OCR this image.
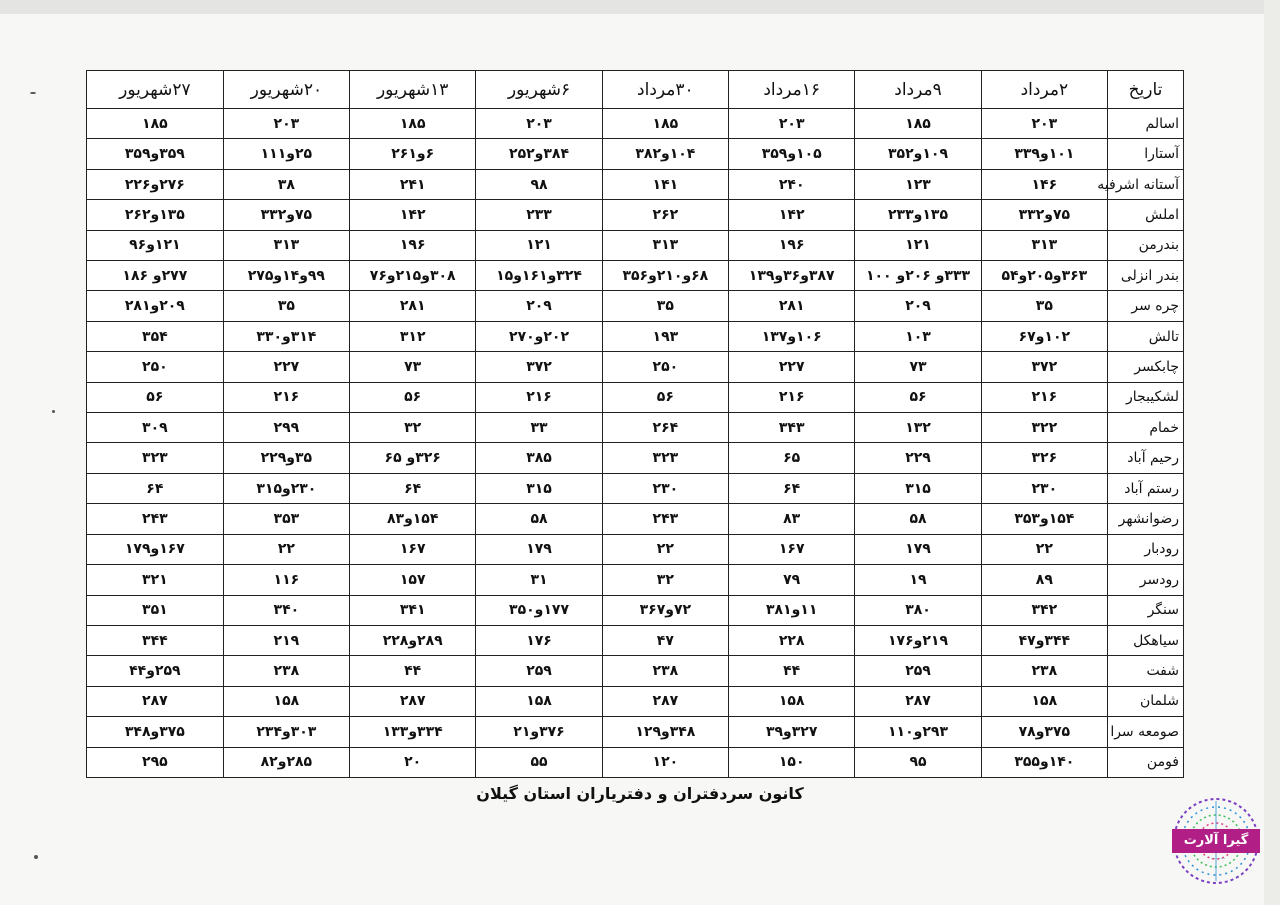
تاریخ	۲مرداد	۹مرداد	۱۶مرداد	۳۰مرداد	۶شهریور	۱۳شهریور	۲۰شهریور	۲۷شهریور
اسالم	۲۰۳	۱۸۵	۲۰۳	۱۸۵	۲۰۳	۱۸۵	۲۰۳	۱۸۵
آستارا	۱۰۱و۳۳۹	۱۰۹و۳۵۲	۱۰۵و۳۵۹	۱۰۴و۳۸۲	۳۸۴و۲۵۲	۶و۲۶۱	۲۵و۱۱۱	۳۵۹و۳۵۹
آستانه اشرفیه	۱۴۶	۱۲۳	۲۴۰	۱۴۱	۹۸	۲۴۱	۳۸	۲۷۶و۲۲۶
املش	۷۵و۳۳۲	۱۳۵و۲۳۳	۱۴۲	۲۶۲	۲۳۳	۱۴۲	۷۵و۳۳۲	۱۳۵و۲۶۲
بندرمن	۳۱۳	۱۲۱	۱۹۶	۳۱۳	۱۲۱	۱۹۶	۳۱۳	۱۲۱و۹۶
بندر انزلی	۳۶۳و۲۰۵و۵۴	۳۳۳و ۲۰۶و ۱۰۰	۳۸۷و۳۶و۱۳۹	۶۸و۲۱۰و۳۵۶	۳۲۴و۱۶۱و۱۵	۳۰۸و۲۱۵و۷۶	۹۹و۱۴و۲۷۵	۲۷۷و ۱۸۶
چره سر	۳۵	۲۰۹	۲۸۱	۳۵	۲۰۹	۲۸۱	۳۵	۲۰۹و۲۸۱
تالش	۱۰۲و۶۷	۱۰۳	۱۰۶و۱۳۷	۱۹۳	۲۰۲و۲۷۰	۳۱۲	۳۱۴و۳۳۰	۳۵۴
چابکسر	۳۷۲	۷۳	۲۲۷	۲۵۰	۳۷۲	۷۳	۲۲۷	۲۵۰
لشکیبجار	۲۱۶	۵۶	۲۱۶	۵۶	۲۱۶	۵۶	۲۱۶	۵۶
خمام	۳۲۲	۱۳۲	۳۴۳	۲۶۴	۳۳	۳۲	۲۹۹	۳۰۹
رحیم آباد	۳۲۶	۲۲۹	۶۵	۳۲۳	۳۸۵	۳۲۶و ۶۵	۳۵و۲۲۹	۳۲۳
رستم آباد	۲۳۰	۳۱۵	۶۴	۲۳۰	۳۱۵	۶۴	۲۳۰و۳۱۵	۶۴
رضوانشهر	۱۵۴و۳۵۳	۵۸	۸۳	۲۴۳	۵۸	۱۵۴و۸۳	۳۵۳	۲۴۳
رودبار	۲۲	۱۷۹	۱۶۷	۲۲	۱۷۹	۱۶۷	۲۲	۱۶۷و۱۷۹
رودسر	۸۹	۱۹	۷۹	۳۲	۳۱	۱۵۷	۱۱۶	۳۲۱
سنگر	۳۴۲	۳۸۰	۱۱و۳۸۱	۷۲و۳۶۷	۱۷۷و۳۵۰	۳۴۱	۳۴۰	۳۵۱
سیاهکل	۳۴۴و۴۷	۲۱۹و۱۷۶	۲۲۸	۴۷	۱۷۶	۲۸۹و۲۲۸	۲۱۹	۳۴۴
شفت	۲۳۸	۲۵۹	۴۴	۲۳۸	۲۵۹	۴۴	۲۳۸	۲۵۹و۴۴
شلمان	۱۵۸	۲۸۷	۱۵۸	۲۸۷	۱۵۸	۲۸۷	۱۵۸	۲۸۷
صومعه سرا	۳۷۵و۷۸	۲۹۳و۱۱۰	۳۲۷و۳۹	۳۴۸و۱۲۹	۳۷۶و۲۱	۳۳۴و۱۳۳	۳۰۳و۲۳۴	۳۷۵و۳۴۸
فومن	۱۴۰و۳۵۵	۹۵	۱۵۰	۱۲۰	۵۵	۲۰	۲۸۵و۸۲	۲۹۵
کانون سردفتران و دفتریاران استان گیلان
گیرا آلارت
.........
